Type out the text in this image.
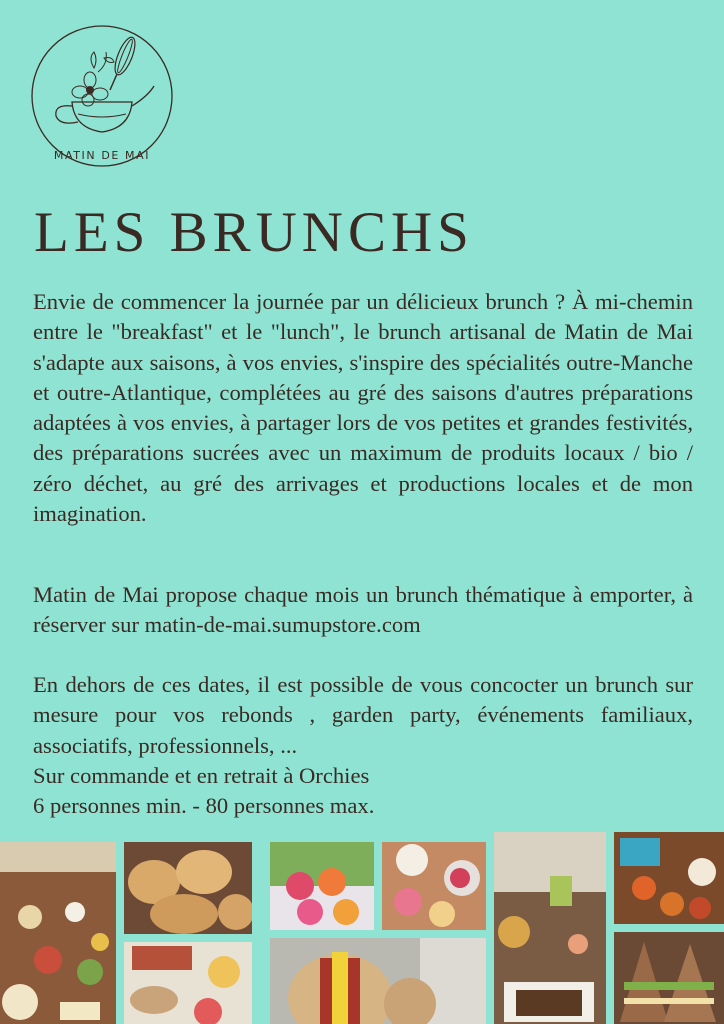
MATIN DE MAI
LES BRUNCHS
Envie de commencer la journée par un délicieux brunch ? À mi-chemin entre le "breakfast" et le "lunch", le brunch artisanal de Matin de Mai s'adapte aux saisons, à vos envies, s'inspire des spécialités outre-Manche et outre-Atlantique, complétées au gré des saisons d'autres préparations adaptées à vos envies, à partager lors de vos petites et grandes festivités, des préparations sucrées avec un maximum de produits locaux / bio / zéro déchet, au gré des arrivages et productions locales et de mon imagination.
Matin de Mai propose chaque mois un brunch thématique à emporter, à réserver sur matin-de-mai.sumupstore.com
En dehors de ces dates, il est possible de vous concocter un brunch sur mesure pour vos rebonds , garden party, événements familiaux, associatifs, professionnels, ...
Sur commande et en retrait à Orchies
6 personnes min. - 80 personnes max.
